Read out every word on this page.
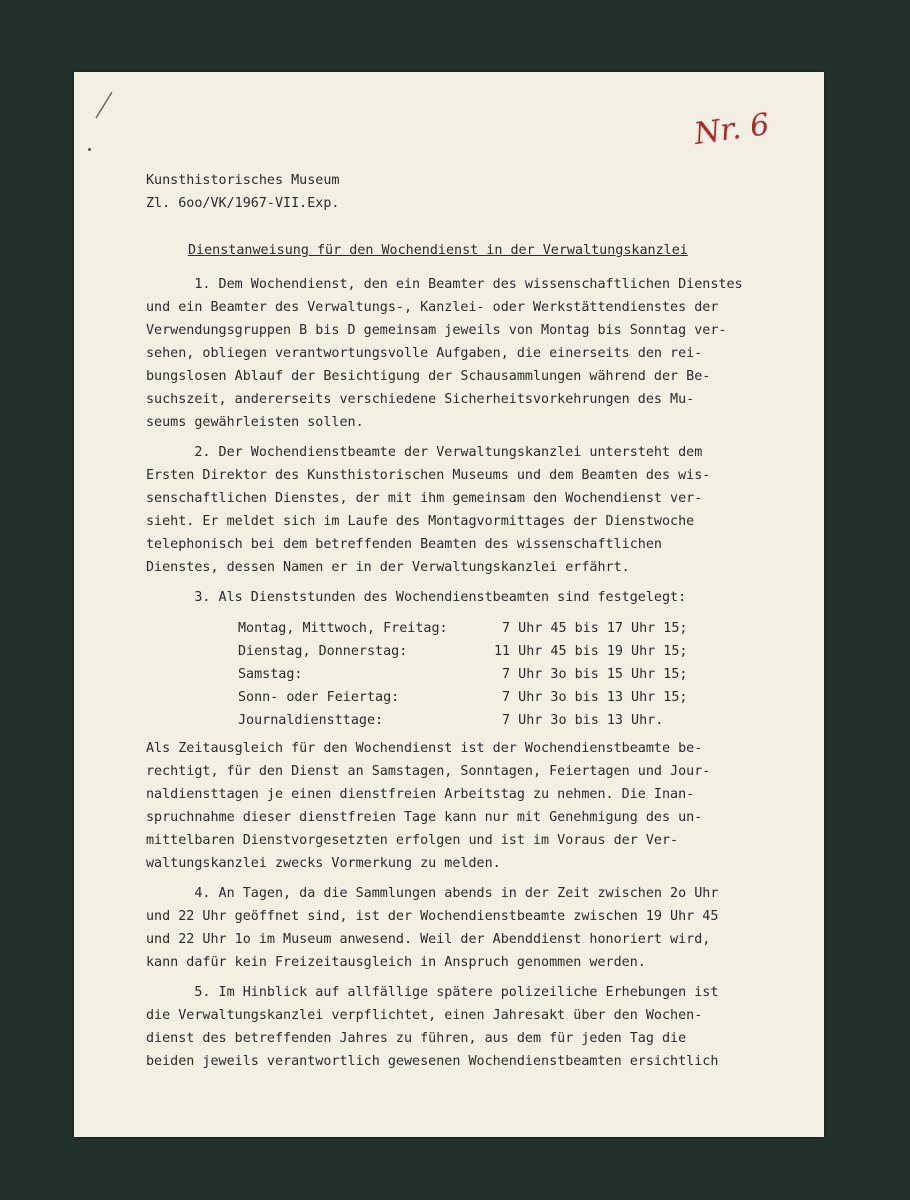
Nr. 6
Kunsthistorisches Museum
Zl. 6oo/VK/1967-VII.Exp.
Dienstanweisung für den Wochendienst in der Verwaltungskanzlei
1. Dem Wochendienst, den ein Beamter des wissenschaftlichen Dienstes
und ein Beamter des Verwaltungs-, Kanzlei- oder Werkstättendienstes der
Verwendungsgruppen B bis D gemeinsam jeweils von Montag bis Sonntag ver-
sehen, obliegen verantwortungsvolle Aufgaben, die einerseits den rei-
bungslosen Ablauf der Besichtigung der Schausammlungen während der Be-
suchszeit, andererseits verschiedene Sicherheitsvorkehrungen des Mu-
seums gewährleisten sollen.
2. Der Wochendienstbeamte der Verwaltungskanzlei untersteht dem
Ersten Direktor des Kunsthistorischen Museums und dem Beamten des wis-
senschaftlichen Dienstes, der mit ihm gemeinsam den Wochendienst ver-
sieht. Er meldet sich im Laufe des Montagvormittages der Dienstwoche
telephonisch bei dem betreffenden Beamten des wissenschaftlichen
Dienstes, dessen Namen er in der Verwaltungskanzlei erfährt.
3. Als Dienststunden des Wochendienstbeamten sind festgelegt:
Montag, Mittwoch, Freitag:	7 Uhr 45 bis 17 Uhr 15;
Dienstag, Donnerstag:	11 Uhr 45 bis 19 Uhr 15;
Samstag:	7 Uhr 3o bis 15 Uhr 15;
Sonn- oder Feiertag:	7 Uhr 3o bis 13 Uhr 15;
Journaldiensttage:	7 Uhr 3o bis 13 Uhr.
Als Zeitausgleich für den Wochendienst ist der Wochendienstbeamte be-
rechtigt, für den Dienst an Samstagen, Sonntagen, Feiertagen und Jour-
naldiensttagen je einen dienstfreien Arbeitstag zu nehmen. Die Inan-
spruchnahme dieser dienstfreien Tage kann nur mit Genehmigung des un-
mittelbaren Dienstvorgesetzten erfolgen und ist im Voraus der Ver-
waltungskanzlei zwecks Vormerkung zu melden.
4. An Tagen, da die Sammlungen abends in der Zeit zwischen 2o Uhr
und 22 Uhr geöffnet sind, ist der Wochendienstbeamte zwischen 19 Uhr 45
und 22 Uhr 1o im Museum anwesend. Weil der Abenddienst honoriert wird,
kann dafür kein Freizeitausgleich in Anspruch genommen werden.
5. Im Hinblick auf allfällige spätere polizeiliche Erhebungen ist
die Verwaltungskanzlei verpflichtet, einen Jahresakt über den Wochen-
dienst des betreffenden Jahres zu führen, aus dem für jeden Tag die
beiden jeweils verantwortlich gewesenen Wochendienstbeamten ersichtlich
